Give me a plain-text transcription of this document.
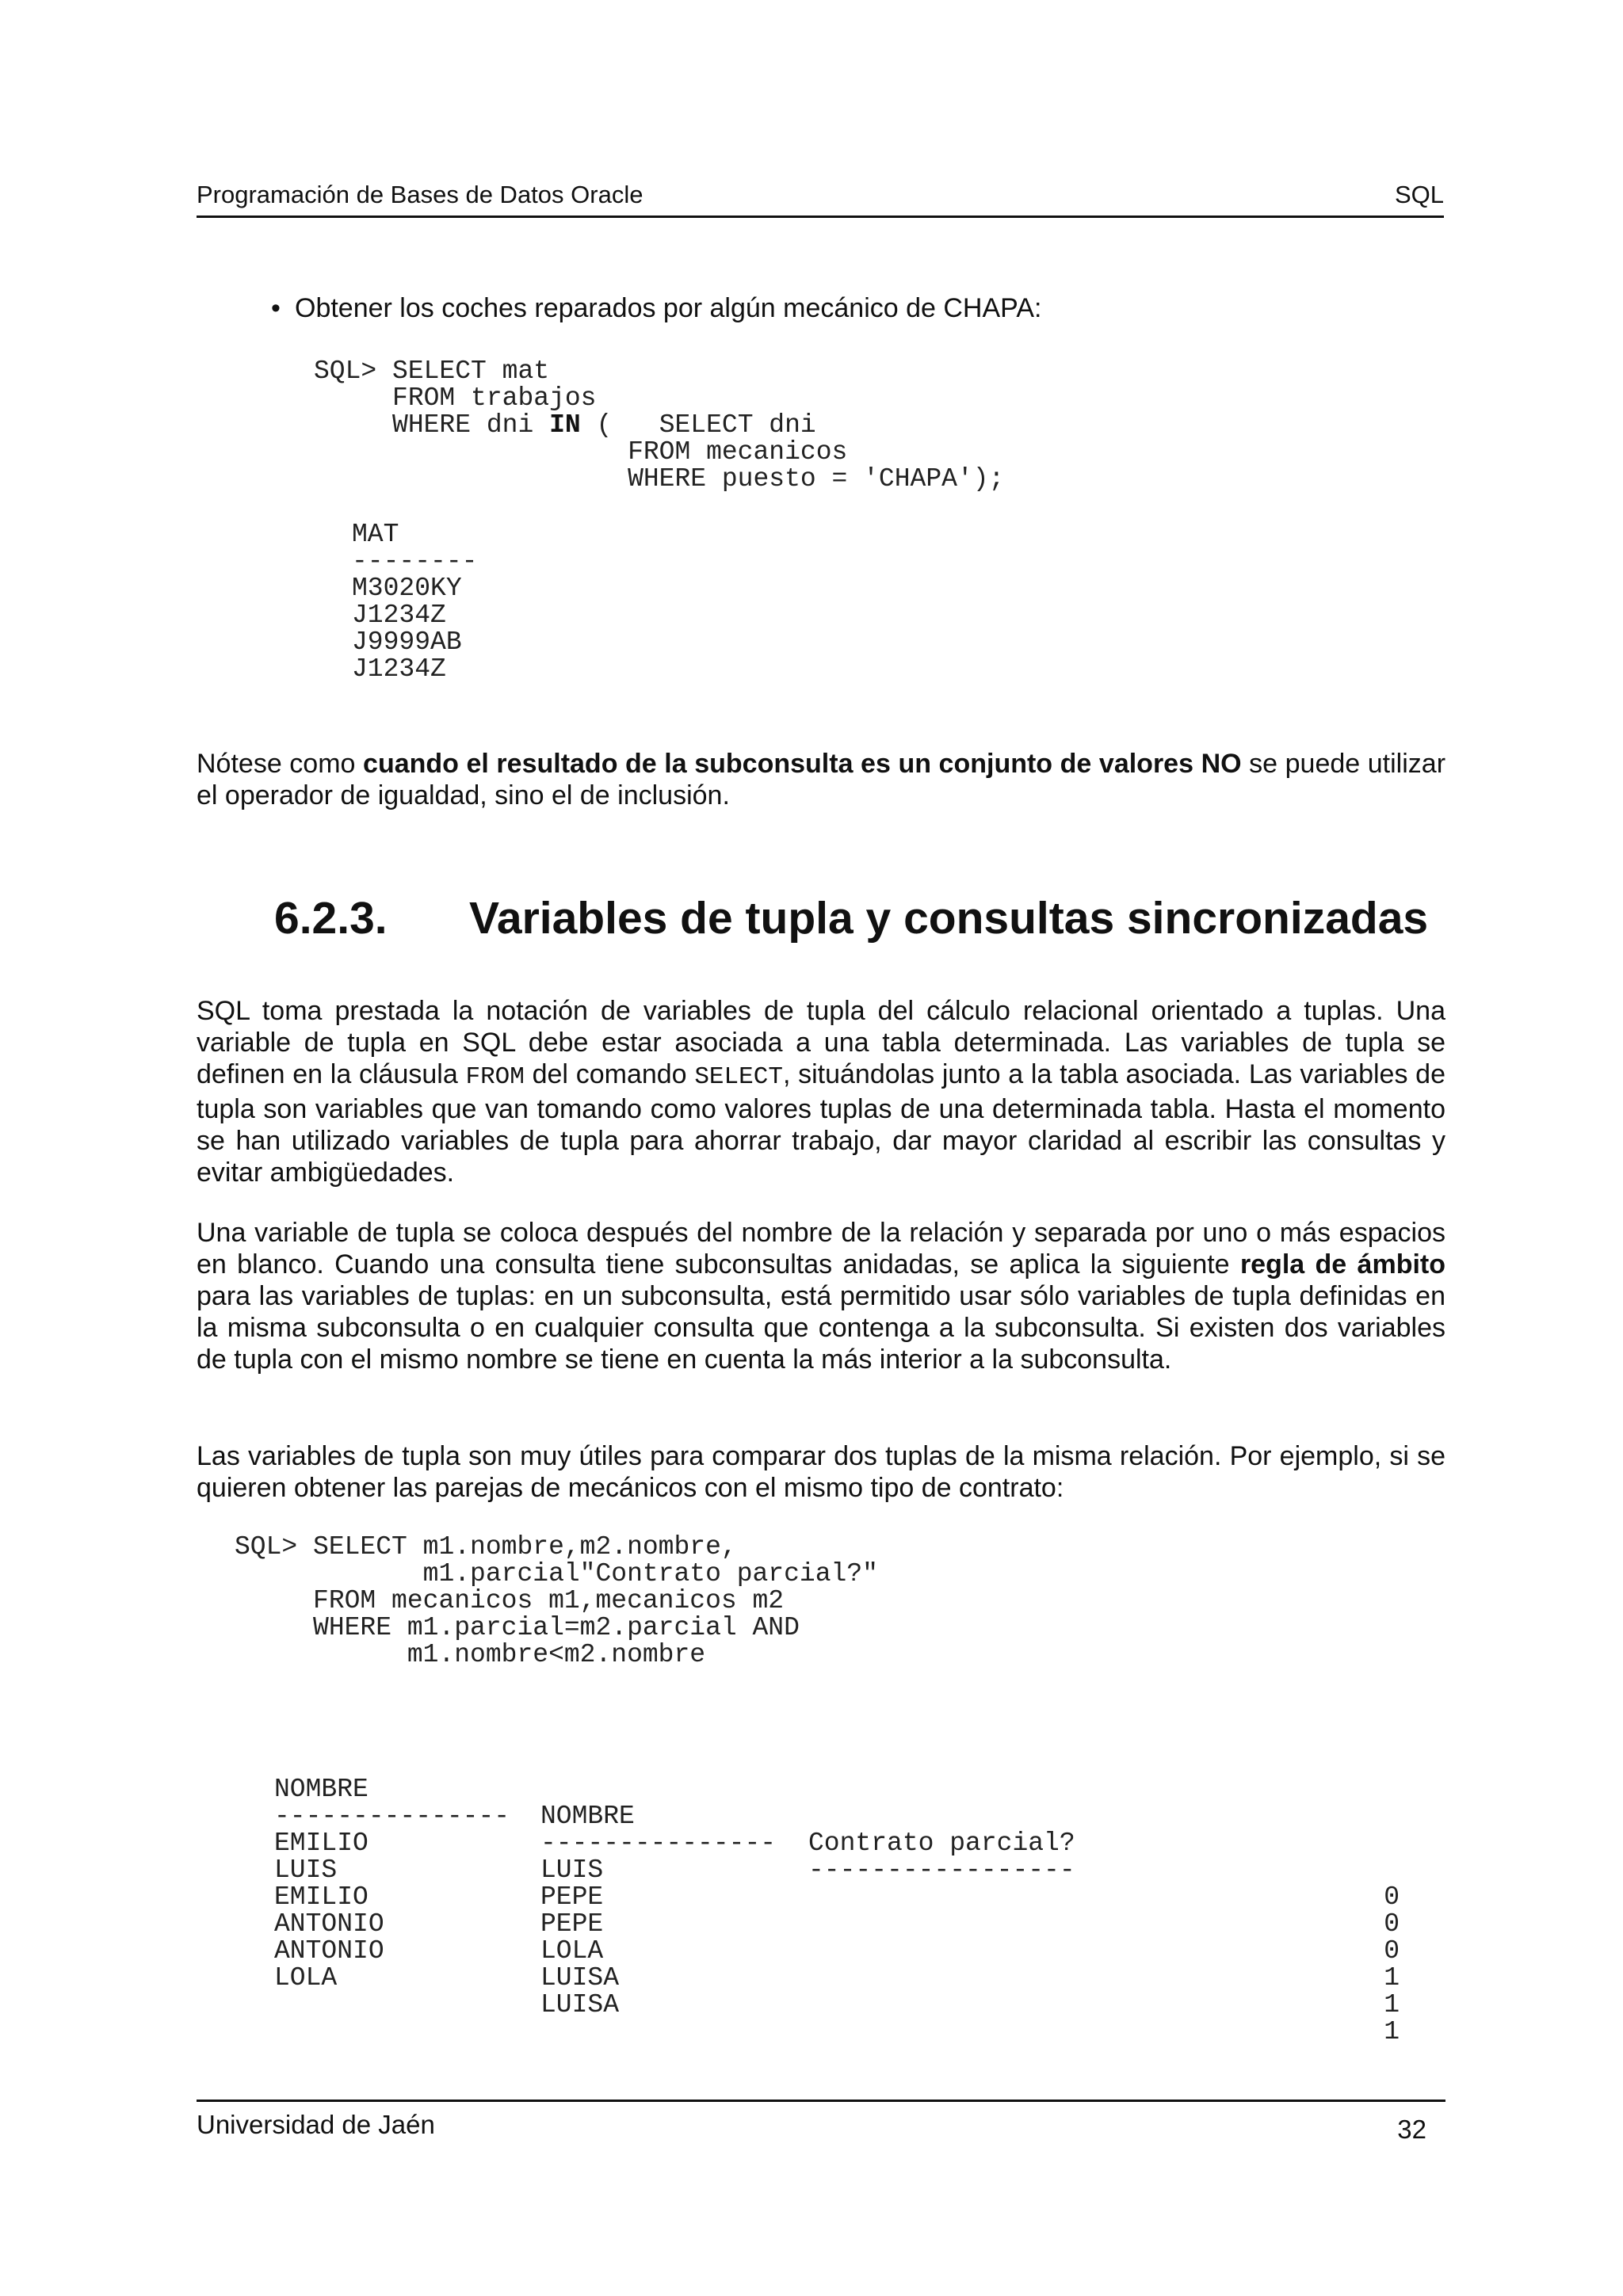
Programación de Bases de Datos Oracle	SQL
• Obtener los coches reparados por algún mecánico de CHAPA:
SQL> SELECT mat
FROM trabajos
WHERE dni IN (   SELECT dni
FROM mecanicos
WHERE puesto = 'CHAPA');
MAT
--------
M3020KY
J1234Z
J9999AB
J1234Z

Nótese como cuando el resultado de la subconsulta es un conjunto de valores NO se puede utilizar el operador de igualdad, sino el de inclusión.

6.2.3. Variables de tupla y consultas sincronizadas

SQL toma prestada la notación de variables de tupla del cálculo relacional orientado a tuplas. Una variable de tupla en SQL debe estar asociada a una tabla determinada. Las variables de tupla se definen en la cláusula FROM del comando SELECT, situándolas junto a la tabla asociada. Las variables de tupla son variables que van tomando como valores tuplas de una determinada tabla. Hasta el momento se han utilizado variables de tupla para ahorrar trabajo, dar mayor claridad al escribir las consultas y evitar ambigüedades.

Una variable de tupla se coloca después del nombre de la relación y separada por uno o más espacios en blanco. Cuando una consulta tiene subconsultas anidadas, se aplica la siguiente regla de ámbito para las variables de tuplas: en un subconsulta, está permitido usar sólo variables de tupla definidas en la misma subconsulta o en cualquier consulta que contenga a la subconsulta. Si existen dos variables de tupla con el mismo nombre se tiene en cuenta la más interior a la subconsulta.

Las variables de tupla son muy útiles para comparar dos tuplas de la misma relación. Por ejemplo, si se quieren obtener las parejas de mecánicos con el mismo tipo de contrato:

SQL> SELECT m1.nombre,m2.nombre,
m1.parcial"Contrato parcial?"
FROM mecanicos m1,mecanicos m2
WHERE m1.parcial=m2.parcial AND
m1.nombre<m2.nombre

NOMBRE

NOMBRE

Contrato parcial?

---------------

---------------

-----------------

EMILIO

LUIS

0

LUIS

PEPE

0

EMILIO

PEPE

0

ANTONIO

LOLA

1

ANTONIO

LUISA

1

LOLA

LUISA

1

Universidad de Jaén	32
